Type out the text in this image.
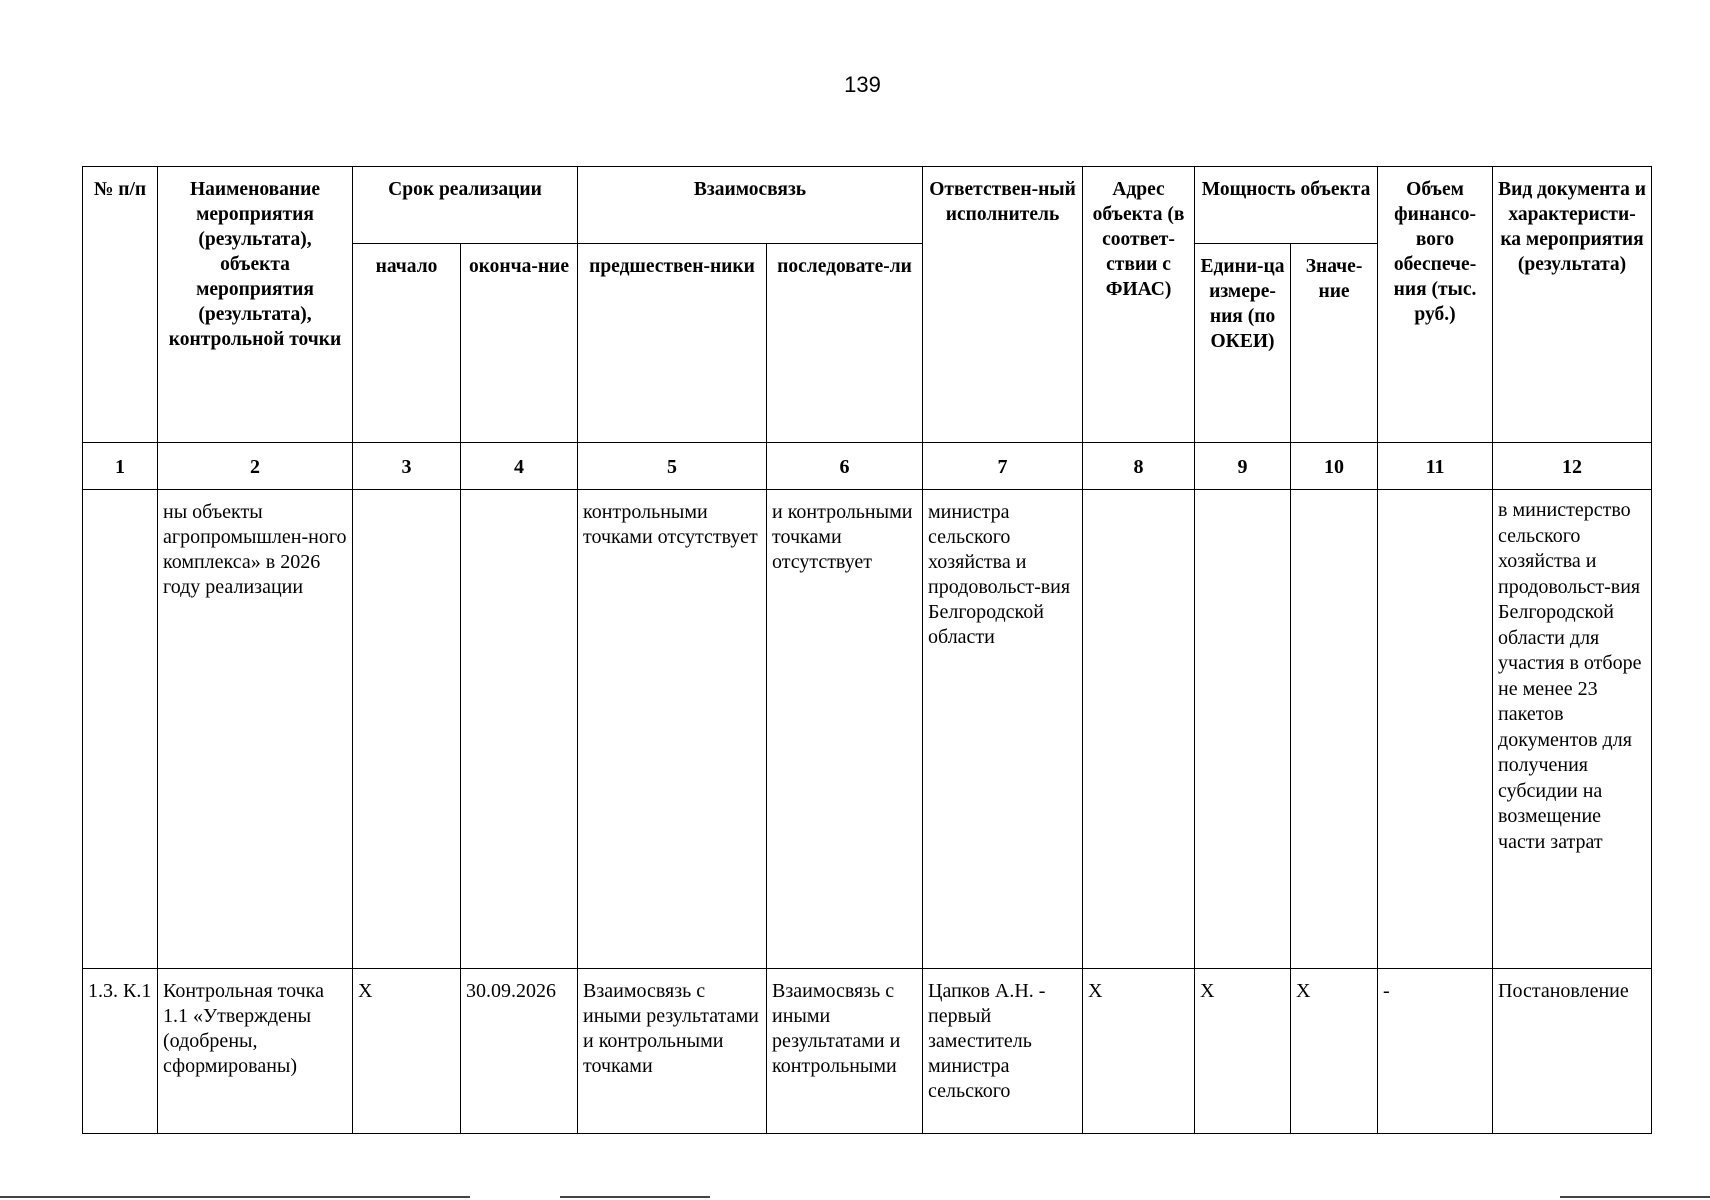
139
№ п/п	Наименование мероприятия (результата), объекта мероприятия (результата), контрольной точки	Срок реализации		Взаимосвязь		Ответствен-ный исполнитель	Адрес объекта (в соответ-ствии с ФИАС)	Мощность объекта		Объем финансо-вого обеспече-ния (тыс. руб.)	Вид документа и характеристи-ка мероприятия (результата)
		начало	оконча-ние	предшествен-ники	последовате-ли			Едини-ца измере-ния (по ОКЕИ)	Значе-ние		
1	2	3	4	5	6	7	8	9	10	11	12
	ны объекты агропромышлен-ного комплекса» в 2026 году реализации			контрольными точками отсутствует	и контрольными точками отсутствует	министра сельского хозяйства и продовольст-вия Белгородской области					в министерство сельского хозяйства и продовольст-вия Белгородской области для участия в отборе не менее 23 пакетов документов для получения субсидии на возмещение части затрат
1.3. К.1	Контрольная точка 1.1 «Утверждены (одобрены, сформированы)	X	30.09.2026	Взаимосвязь с иными результатами и контрольными точками	Взаимосвязь с иными результатами и контрольными	Цапков А.Н. - первый заместитель министра сельского	X	X	X	-	Постановление
